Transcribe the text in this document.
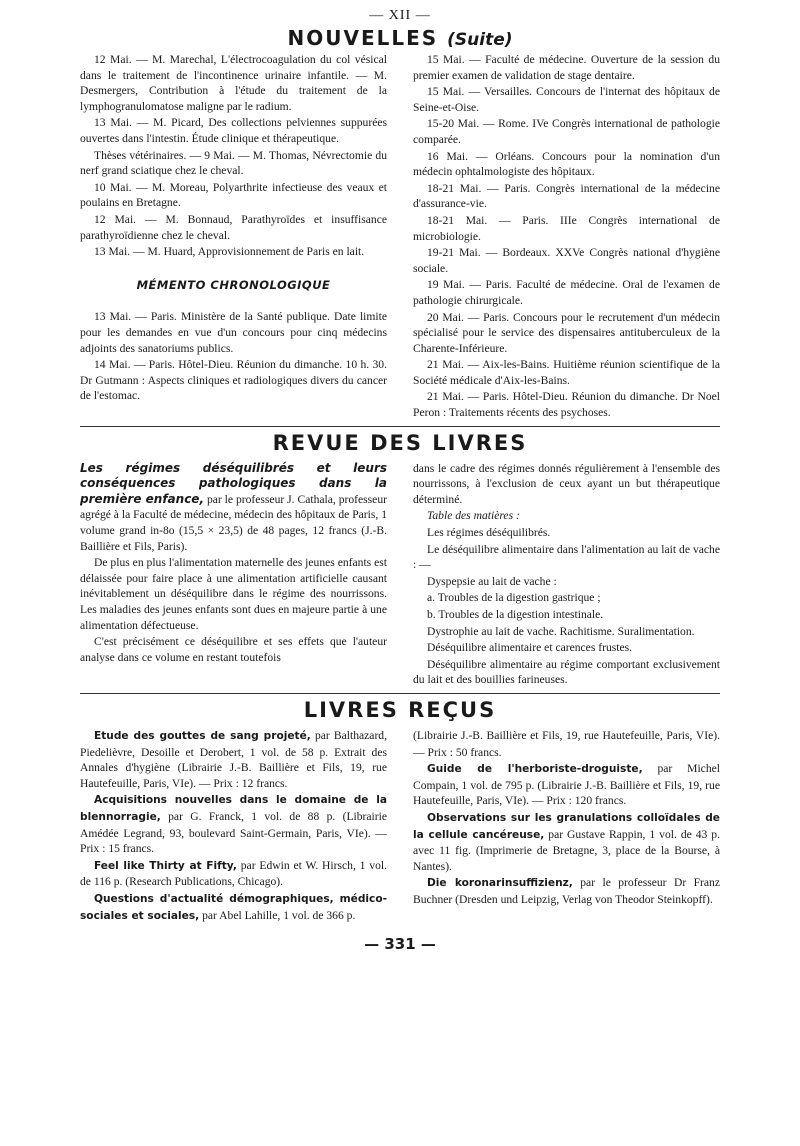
— XII —
NOUVELLES (Suite)

12 Mai. — M. Marechal, L'électrocoagulation du col vésical dans le traitement de l'incontinence urinaire infantile. — M. Desmergers, Contribution à l'étude du traitement de la lymphogranulomatose maligne par le radium.

13 Mai. — M. Picard, Des collections pelviennes suppurées ouvertes dans l'intestin. Étude clinique et thérapeutique.

Thèses vétérinaires. — 9 Mai. — M. Thomas, Névrectomie du nerf grand sciatique chez le cheval.

10 Mai. — M. Moreau, Polyarthrite infectieuse des veaux et poulains en Bretagne.

12 Mai. — M. Bonnaud, Parathyroïdes et insuffisance parathyroïdienne chez le cheval.

13 Mai. — M. Huard, Approvisionnement de Paris en lait.

MÉMENTO CHRONOLOGIQUE

13 Mai. — Paris. Ministère de la Santé publique. Date limite pour les demandes en vue d'un concours pour cinq médecins adjoints des sanatoriums publics.

14 Mai. — Paris. Hôtel-Dieu. Réunion du dimanche. 10 h. 30. Dr Gutmann : Aspects cliniques et radiologiques divers du cancer de l'estomac.

15 Mai. — Faculté de médecine. Ouverture de la session du premier examen de validation de stage dentaire.

15 Mai. — Versailles. Concours de l'internat des hôpitaux de Seine-et-Oise.

15-20 Mai. — Rome. IVe Congrès international de pathologie comparée.

16 Mai. — Orléans. Concours pour la nomination d'un médecin ophtalmologiste des hôpitaux.

18-21 Mai. — Paris. Congrès international de la médecine d'assurance-vie.

18-21 Mai. — Paris. IIIe Congrès international de microbiologie.

19-21 Mai. — Bordeaux. XXVe Congrès national d'hygiène sociale.

19 Mai. — Paris. Faculté de médecine. Oral de l'examen de pathologie chirurgicale.

20 Mai. — Paris. Concours pour le recrutement d'un médecin spécialisé pour le service des dispensaires antituberculeux de la Charente-Inférieure.

21 Mai. — Aix-les-Bains. Huitième réunion scientifique de la Société médicale d'Aix-les-Bains.

21 Mai. — Paris. Hôtel-Dieu. Réunion du dimanche. Dr Noel Peron : Traitements récents des psychoses.

REVUE DES LIVRES

Les régimes déséquilibrés et leurs conséquences pathologiques dans la première enfance, par le professeur J. Cathala, professeur agrégé à la Faculté de médecine, médecin des hôpitaux de Paris, 1 volume grand in-8o (15,5 × 23,5) de 48 pages, 12 francs (J.-B. Baillière et Fils, Paris).

De plus en plus l'alimentation maternelle des jeunes enfants est délaissée pour faire place à une alimentation artificielle causant inévitablement un déséquilibre dans le régime des nourrissons. Les maladies des jeunes enfants sont dues en majeure partie à une alimentation défectueuse.

C'est précisément ce déséquilibre et ses effets que l'auteur analyse dans ce volume en restant toutefois

dans le cadre des régimes donnés régulièrement à l'ensemble des nourrissons, à l'exclusion de ceux ayant un but thérapeutique déterminé.

Table des matières :

Les régimes déséquilibrés.

Le déséquilibre alimentaire dans l'alimentation au lait de vache : —

Dyspepsie au lait de vache :

a. Troubles de la digestion gastrique ;

b. Troubles de la digestion intestinale.

Dystrophie au lait de vache. Rachitisme. Suralimentation.

Déséquilibre alimentaire et carences frustes.

Déséquilibre alimentaire au régime comportant exclusivement du lait et des bouillies farineuses.

LIVRES REÇUS

Etude des gouttes de sang projeté, par Balthazard, Piedelièvre, Desoille et Derobert, 1 vol. de 58 p. Extrait des Annales d'hygiène (Librairie J.-B. Baillière et Fils, 19, rue Hautefeuille, Paris, VIe). — Prix : 12 francs.

Acquisitions nouvelles dans le domaine de la blennorragie, par G. Franck, 1 vol. de 88 p. (Librairie Amédée Legrand, 93, boulevard Saint-Germain, Paris, VIe). — Prix : 15 francs.

Feel like Thirty at Fifty, par Edwin et W. Hirsch, 1 vol. de 116 p. (Research Publications, Chicago).

Questions d'actualité démographiques, médico-sociales et sociales, par Abel Lahille, 1 vol. de 366 p.

(Librairie J.-B. Baillière et Fils, 19, rue Hautefeuille, Paris, VIe). — Prix : 50 francs.

Guide de l'herboriste-droguiste, par Michel Compain, 1 vol. de 795 p. (Librairie J.-B. Baillière et Fils, 19, rue Hautefeuille, Paris, VIe). — Prix : 120 francs.

Observations sur les granulations colloïdales de la cellule cancéreuse, par Gustave Rappin, 1 vol. de 43 p. avec 11 fig. (Imprimerie de Bretagne, 3, place de la Bourse, à Nantes).

Die koronarinsuffizienz, par le professeur Dr Franz Buchner (Dresden und Leipzig, Verlag von Theodor Steinkopff).

— 331 —
